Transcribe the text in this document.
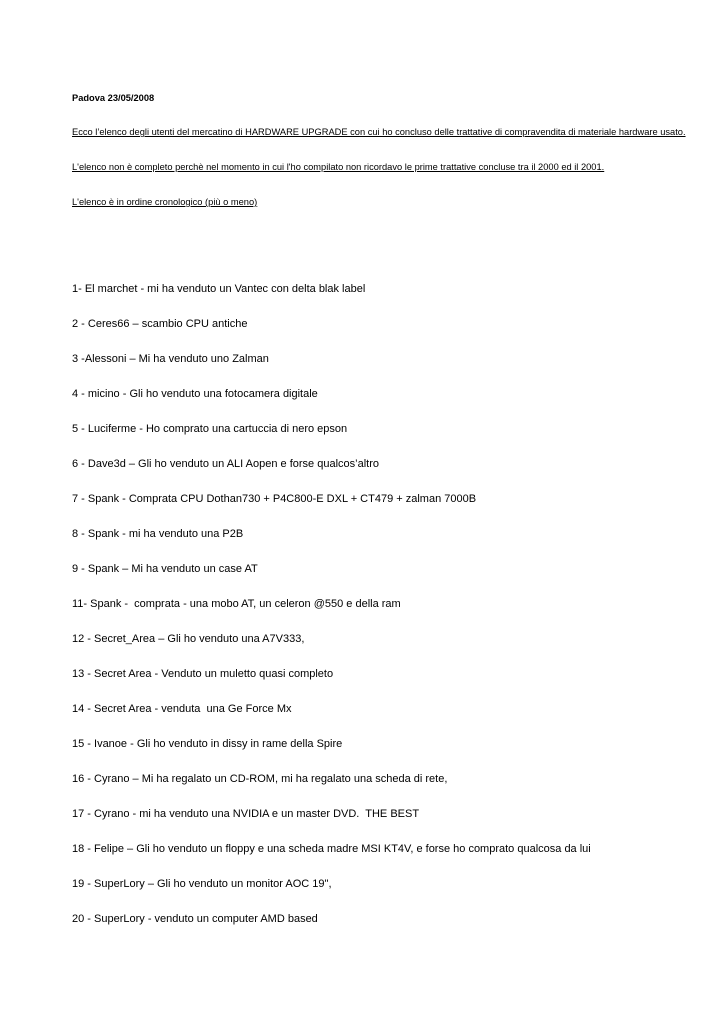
Padova 23/05/2008
Ecco l’elenco degli utenti del mercatino di HARDWARE UPGRADE con cui ho concluso delle trattative di compravendita di materiale hardware usato.
L'elenco non è completo perchè nel momento in cui l'ho compilato non ricordavo le prime trattative concluse tra il 2000 ed il 2001.
L'elenco è in ordine cronologico (più o meno)
1- El marchet - mi ha venduto un Vantec con delta blak label
2 - Ceres66 – scambio CPU antiche
3 -Alessoni – Mi ha venduto uno Zalman
4 - micino - Gli ho venduto una fotocamera digitale
5 - Luciferme - Ho comprato una cartuccia di nero epson
6 - Dave3d – Gli ho venduto un ALI Aopen e forse qualcos’altro
7 - Spank - Comprata CPU Dothan730 + P4C800-E DXL + CT479 + zalman 7000B
8 - Spank - mi ha venduto una P2B
9 - Spank – Mi ha venduto un case AT
11- Spank -  comprata - una mobo AT, un celeron @550 e della ram
12 - Secret_Area – Gli ho venduto una A7V333,
13 - Secret Area - Venduto un muletto quasi completo
14 - Secret Area - venduta  una Ge Force Mx
15 - Ivanoe - Gli ho venduto in dissy in rame della Spire
16 - Cyrano – Mi ha regalato un CD-ROM, mi ha regalato una scheda di rete,
17 - Cyrano - mi ha venduto una NVIDIA e un master DVD.  THE BEST
18 - Felipe – Gli ho venduto un floppy e una scheda madre MSI KT4V, e forse ho comprato qualcosa da lui
19 - SuperLory – Gli ho venduto un monitor AOC 19",
20 - SuperLory - venduto un computer AMD based
